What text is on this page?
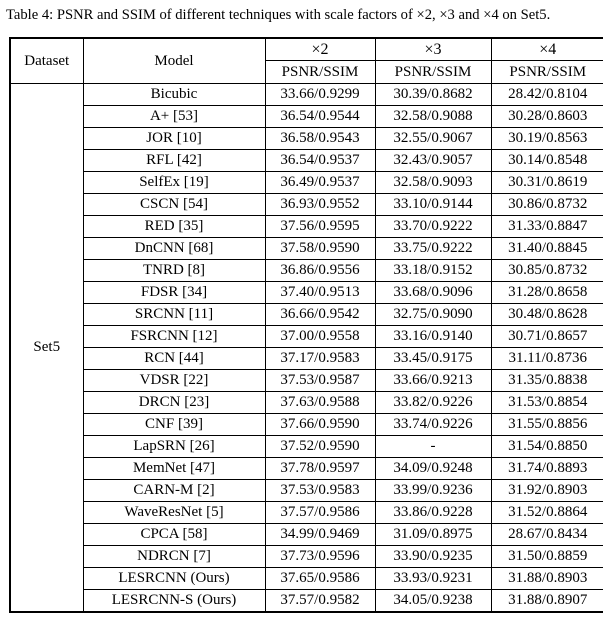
Table 4: PSNR and SSIM of different techniques with scale factors of ×2, ×3 and ×4 on Set5.
Dataset	Model	×2	×3	×4
		PSNR/SSIM	PSNR/SSIM	PSNR/SSIM
Set5	Bicubic	33.66/0.9299	30.39/0.8682	28.42/0.8104
	A+ [53]	36.54/0.9544	32.58/0.9088	30.28/0.8603
	JOR [10]	36.58/0.9543	32.55/0.9067	30.19/0.8563
	RFL [42]	36.54/0.9537	32.43/0.9057	30.14/0.8548
	SelfEx [19]	36.49/0.9537	32.58/0.9093	30.31/0.8619
	CSCN [54]	36.93/0.9552	33.10/0.9144	30.86/0.8732
	RED [35]	37.56/0.9595	33.70/0.9222	31.33/0.8847
	DnCNN [68]	37.58/0.9590	33.75/0.9222	31.40/0.8845
	TNRD [8]	36.86/0.9556	33.18/0.9152	30.85/0.8732
	FDSR [34]	37.40/0.9513	33.68/0.9096	31.28/0.8658
	SRCNN [11]	36.66/0.9542	32.75/0.9090	30.48/0.8628
	FSRCNN [12]	37.00/0.9558	33.16/0.9140	30.71/0.8657
	RCN [44]	37.17/0.9583	33.45/0.9175	31.11/0.8736
	VDSR [22]	37.53/0.9587	33.66/0.9213	31.35/0.8838
	DRCN [23]	37.63/0.9588	33.82/0.9226	31.53/0.8854
	CNF [39]	37.66/0.9590	33.74/0.9226	31.55/0.8856
	LapSRN [26]	37.52/0.9590	-	31.54/0.8850
	MemNet [47]	37.78/0.9597	34.09/0.9248	31.74/0.8893
	CARN-M [2]	37.53/0.9583	33.99/0.9236	31.92/0.8903
	WaveResNet [5]	37.57/0.9586	33.86/0.9228	31.52/0.8864
	CPCA [58]	34.99/0.9469	31.09/0.8975	28.67/0.8434
	NDRCN [7]	37.73/0.9596	33.90/0.9235	31.50/0.8859
	LESRCNN (Ours)	37.65/0.9586	33.93/0.9231	31.88/0.8903
	LESRCNN-S (Ours)	37.57/0.9582	34.05/0.9238	31.88/0.8907
